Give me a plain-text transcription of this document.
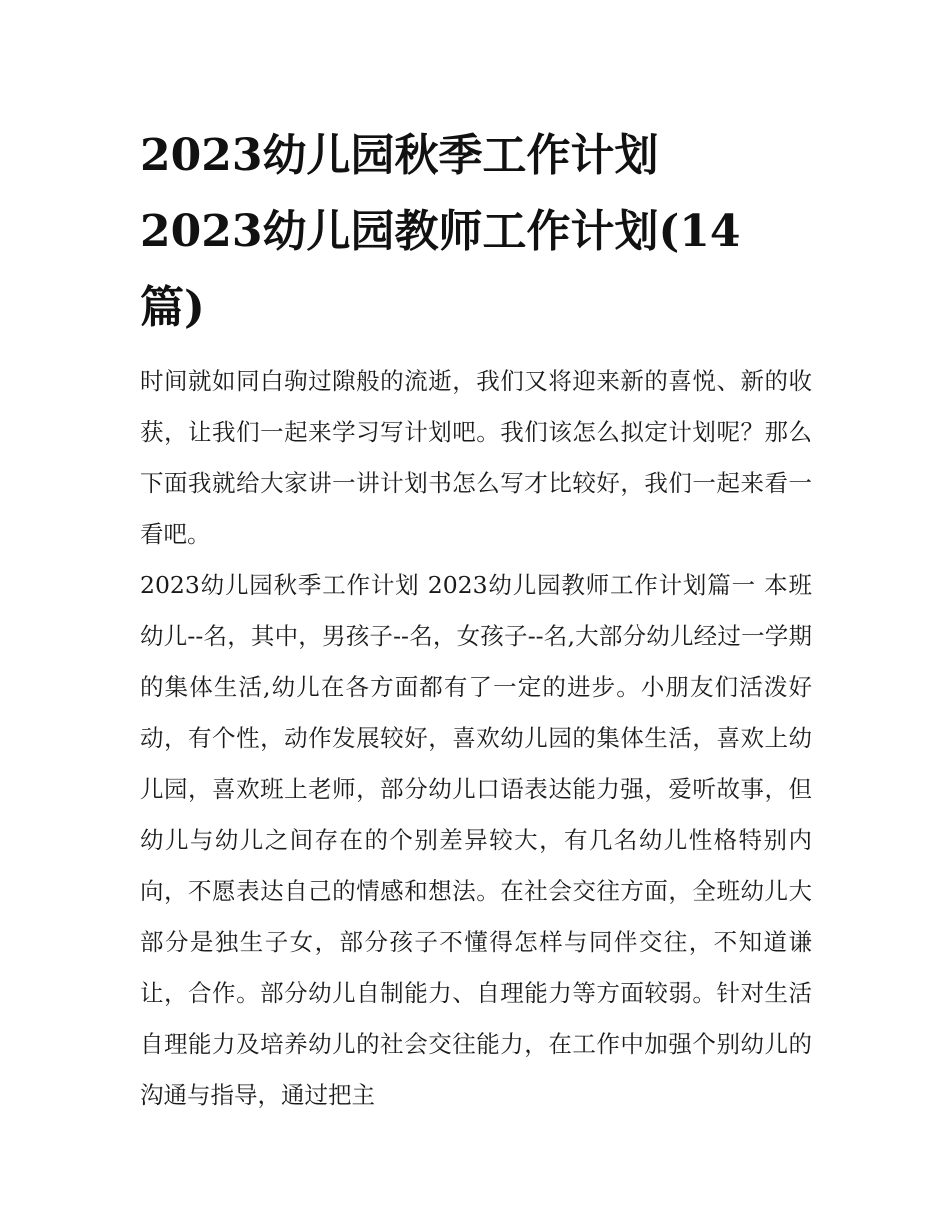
2023幼儿园秋季工作计划
2023幼儿园教师工作计划(14
篇)

时间就如同白驹过隙般的流逝，我们又将迎来新的喜悦、新的收获，让我们一起来学习写计划吧。我们该怎么拟定计划呢？那么下面我就给大家讲一讲计划书怎么写才比较好，我们一起来看一看吧。

2023幼儿园秋季工作计划 2023幼儿园教师工作计划篇一 本班幼儿--名，其中，男孩子--名，女孩子--名,大部分幼儿经过一学期的集体生活,幼儿在各方面都有了一定的进步。小朋友们活泼好动，有个性，动作发展较好，喜欢幼儿园的集体生活，喜欢上幼儿园，喜欢班上老师，部分幼儿口语表达能力强，爱听故事，但幼儿与幼儿之间存在的个别差异较大，有几名幼儿性格特别内向，不愿表达自己的情感和想法。在社会交往方面，全班幼儿大部分是独生子女，部分孩子不懂得怎样与同伴交往，不知道谦让，合作。部分幼儿自制能力、自理能力等方面较弱。针对生活自理能力及培养幼儿的社会交往能力，在工作中加强个别幼儿的沟通与指导，通过把主
